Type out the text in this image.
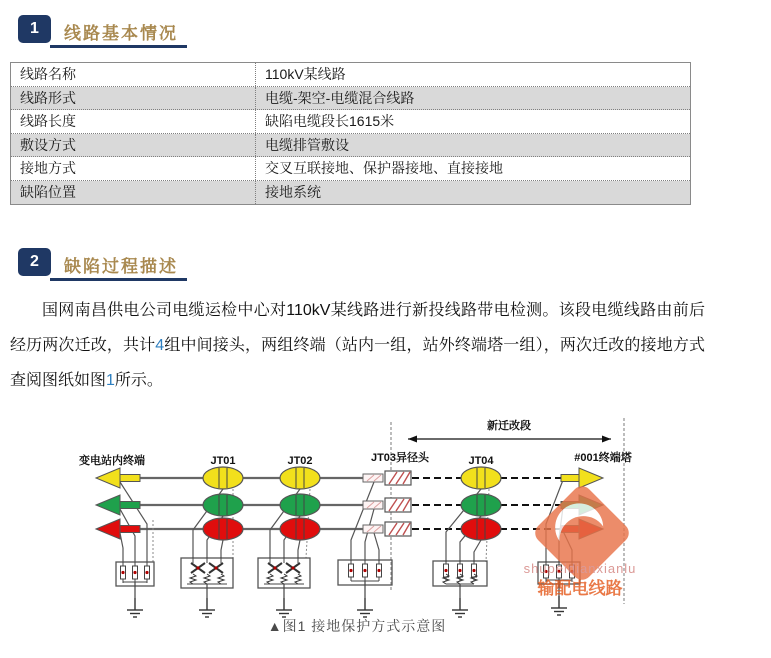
1	线路基本情况
线路名称	110kV某线路
线路形式	电缆-架空-电缆混合线路
线路长度	缺陷电缆段长1615米
敷设方式	电缆排管敷设
接地方式	交叉互联接地、保护器接地、直接接地
缺陷位置	接地系统
2	缺陷过程描述
国网南昌供电公司电缆运检中心对110kV某线路进行新投线路带电检测。该段电缆线路由前后经历两次迁改，共计4组中间接头，两组终端（站内一组，站外终端塔一组），两次迁改的接地方式查阅图纸如图1所示。
新迁改段
变电站内终端	JT01	JT02	JT03异径头	JT04	#001终端塔
shupeidianxianlu
输配电线路
▲图1 接地保护方式示意图
